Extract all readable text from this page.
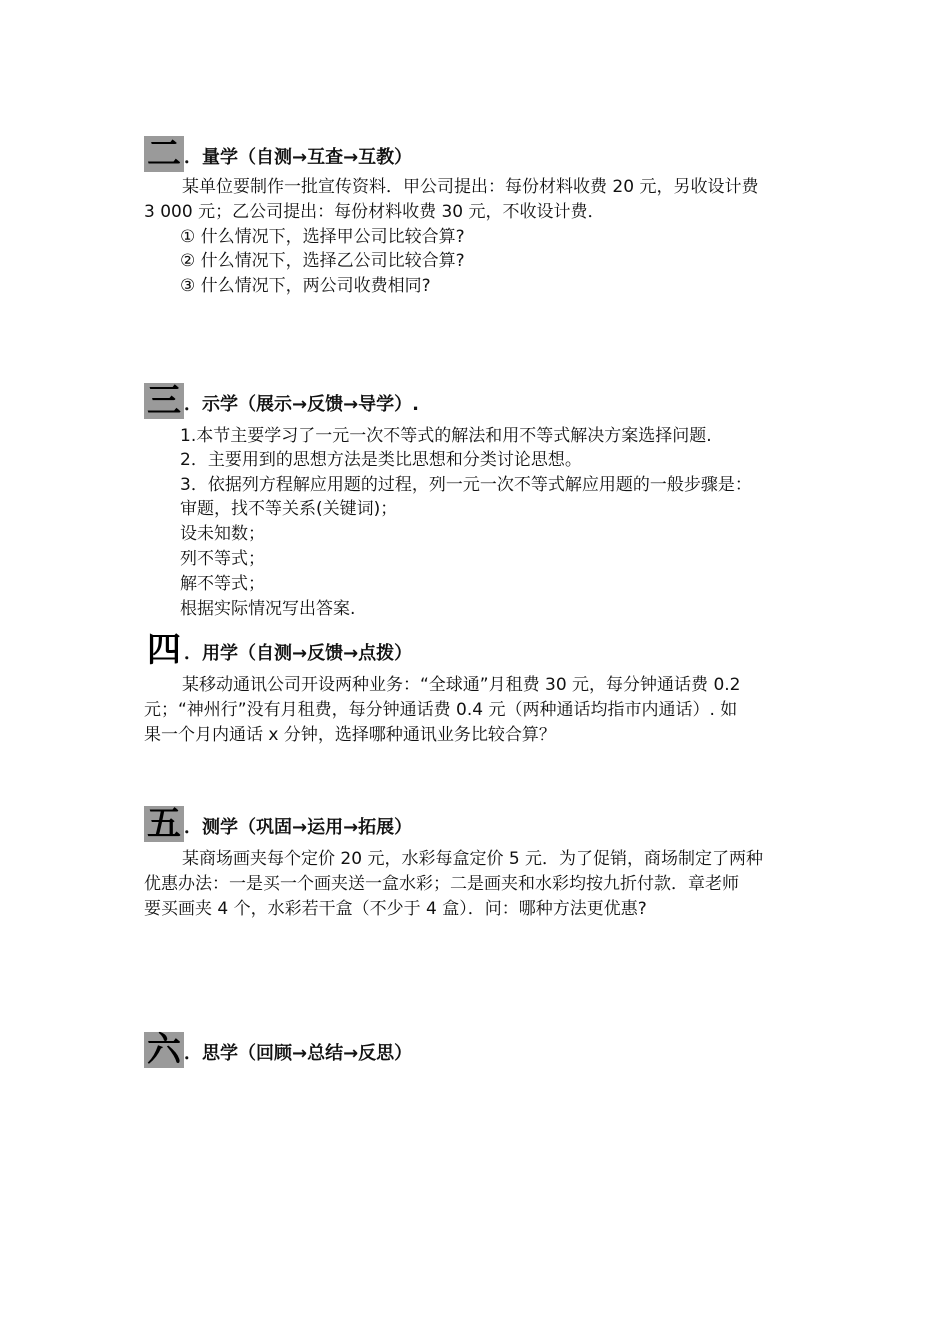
二 ．量学（自测→互查→互教）
某单位要制作一批宣传资料．甲公司提出：每份材料收费 20 元，另收设计费
3 000 元；乙公司提出：每份材料收费 30 元，不收设计费．
① 什么情况下，选择甲公司比较合算?
② 什么情况下，选择乙公司比较合算?
③ 什么情况下，两公司收费相同?
三 ．示学（展示→反馈→导学）.
1.本节主要学习了一元一次不等式的解法和用不等式解决方案选择问题.
2．主要用到的思想方法是类比思想和分类讨论思想。
3．依据列方程解应用题的过程，列一元一次不等式解应用题的一般步骤是：
审题，找不等关系(关键词)；
设未知数；
列不等式；
解不等式；
根据实际情况写出答案.
四 ．用学（自测→反馈→点拨）
某移动通讯公司开设两种业务：“全球通”月租费 30 元，每分钟通话费 0.2
元；“神州行”没有月租费，每分钟通话费 0.4 元（两种通话均指市内通话）. 如
果一个月内通话 x 分钟，选择哪种通讯业务比较合算？
五 ．测学（巩固→运用→拓展）
某商场画夹每个定价 20 元，水彩每盒定价 5 元．为了促销，商场制定了两种
优惠办法：一是买一个画夹送一盒水彩；二是画夹和水彩均按九折付款．章老师
要买画夹 4 个，水彩若干盒（不少于 4 盒）．问：哪种方法更优惠?
六 ．思学（回顾→总结→反思）
